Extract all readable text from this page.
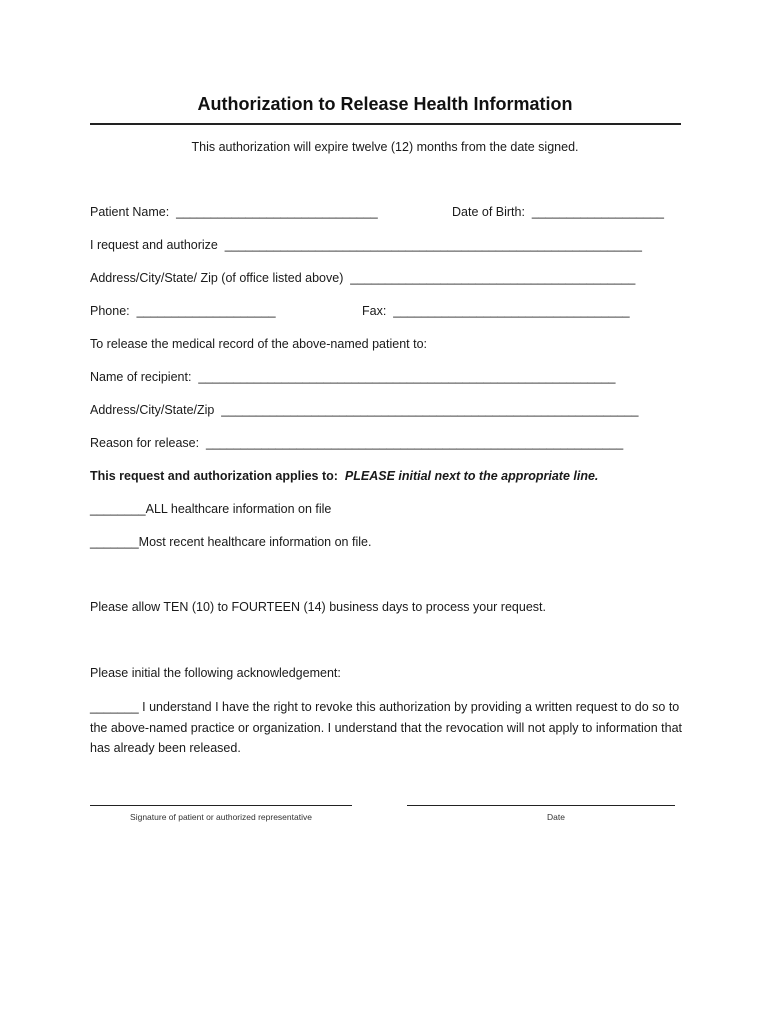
Authorization to Release Health Information
This authorization will expire twelve (12) months from the date signed.
Patient Name:  _____________________________	Date of Birth:  ___________________
I request and authorize  ____________________________________________________________
Address/City/State/ Zip (of office listed above)  _________________________________________
Phone:  ____________________	Fax:  __________________________________
To release the medical record of the above-named patient to:
Name of recipient:  ____________________________________________________________
Address/City/State/Zip  ____________________________________________________________
Reason for release:  ____________________________________________________________
This request and authorization applies to: PLEASE initial next to the appropriate line.
________ALL healthcare information on file
_______Most recent healthcare information on file.
Please allow TEN (10) to FOURTEEN (14) business days to process your request.
Please initial the following acknowledgement:
_______ I understand I have the right to revoke this authorization by providing a written request to do so to the above-named practice or organization. I understand that the revocation will not apply to information that has already been released.
Signature of patient or authorized representative	Date
